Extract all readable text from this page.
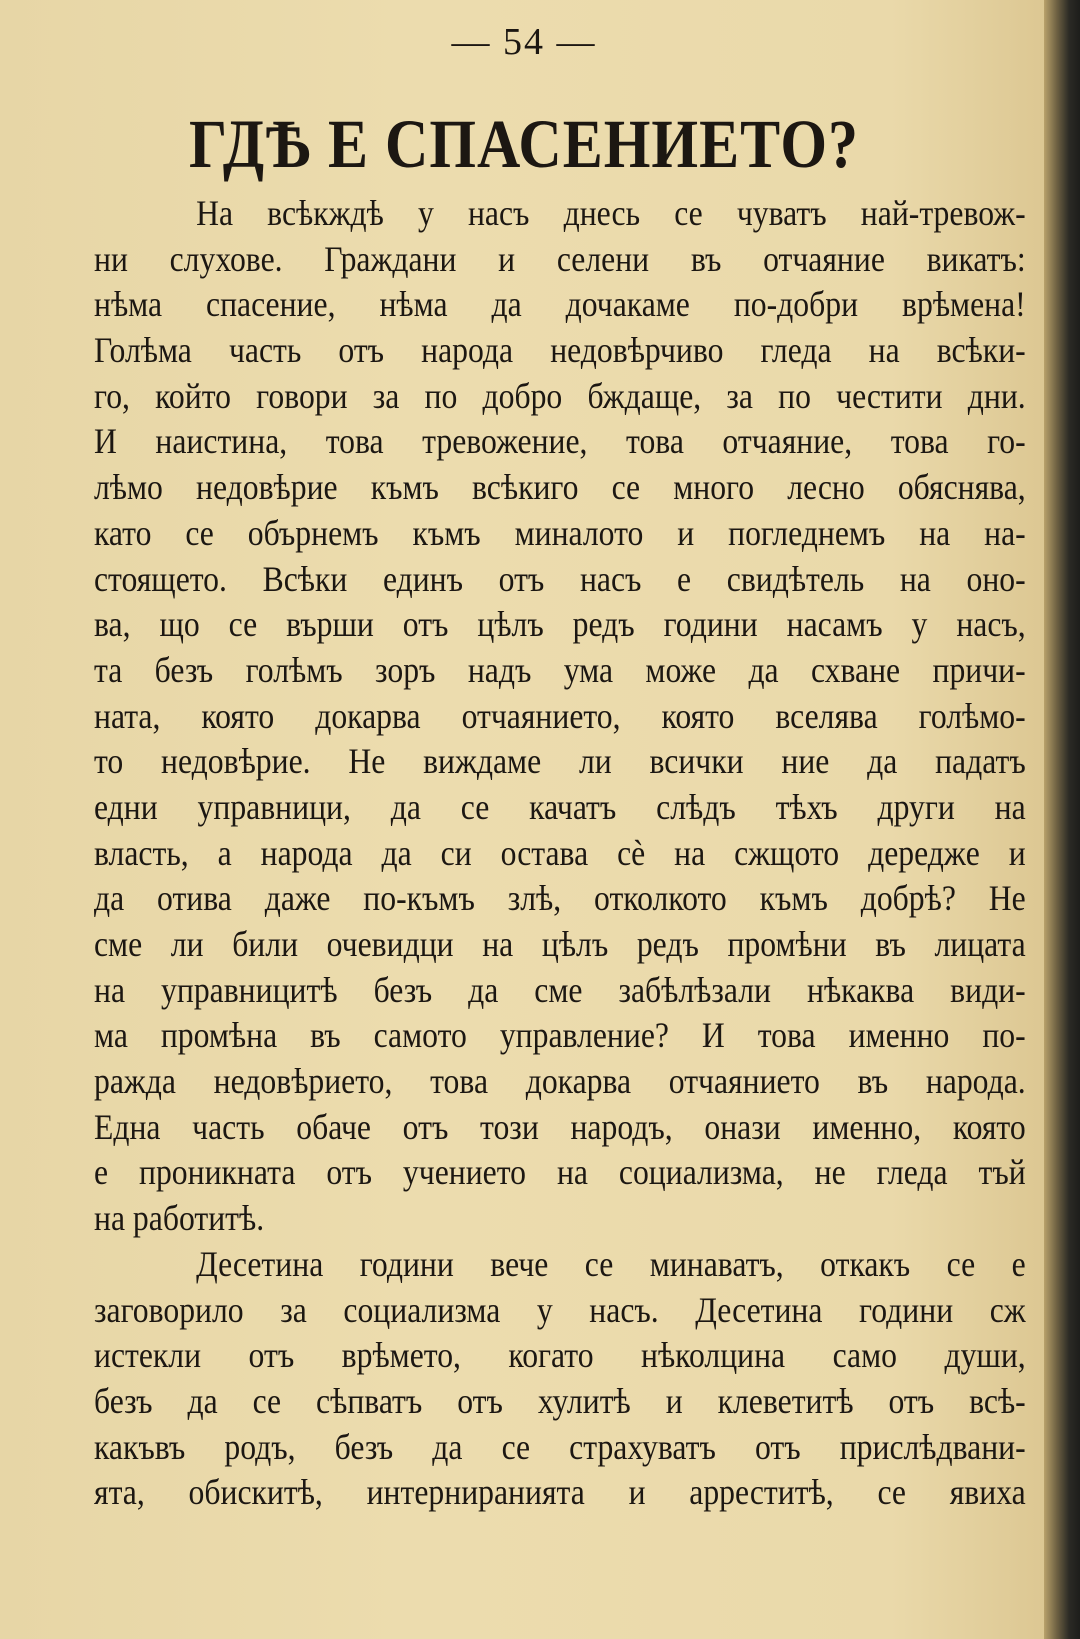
— 54 —
ГДѢ Е СПАСЕНИЕТО?
На всѣкждѣ у насъ днесь се чуватъ най-тревож-
ни слухове. Граждани и селени въ отчаяние викатъ:
нѣма спасение, нѣма да дочакаме по-добри врѣмена!
Голѣма часть отъ народа недовѣрчиво гледа на всѣки-
го, който говори за по добро бждаще, за по честити дни.
И наистина, това тревожение, това отчаяние, това го-
лѣмо недовѣрие къмъ всѣкиго се много лесно обяснява,
като се обърнемъ къмъ миналото и погледнемъ на на-
стоящето. Всѣки единъ отъ насъ е свидѣтель на оно-
ва, що се върши отъ цѣлъ редъ години насамъ у насъ,
та безъ голѣмъ зоръ надъ ума може да схване причи-
ната, която докарва отчаянието, която вселява голѣмо-
то недовѣрие. Не виждаме ли всички ние да падатъ
едни управници, да се качатъ слѣдъ тѣхъ други на
власть, а народа да си остава сѐ на сжщото дереджe и
да отива даже по-къмъ злѣ, отколкото къмъ добрѣ? Не
сме ли били очевидци на цѣлъ редъ промѣни въ лицата
на управницитѣ безъ да сме забѣлѣзали нѣкаква види-
ма промѣна въ самото управление? И това именно по-
ражда недовѣрието, това докарва отчаянието въ народа.
Една часть обаче отъ този народъ, онази именно, която
е проникната отъ учението на социализма, не гледа тъй
на работитѣ.
Десетина години вече се минаватъ, откакъ се е
заговорило за социализма у насъ. Десетина години сж
истекли отъ врѣмето, когато нѣколцина само души,
безъ да се сѣпватъ отъ хулитѣ и клеветитѣ отъ всѣ-
какъвъ родъ, безъ да се страхуватъ отъ прислѣдвани-
ята, обискитѣ, интерниранията и арреститѣ, се явиха
